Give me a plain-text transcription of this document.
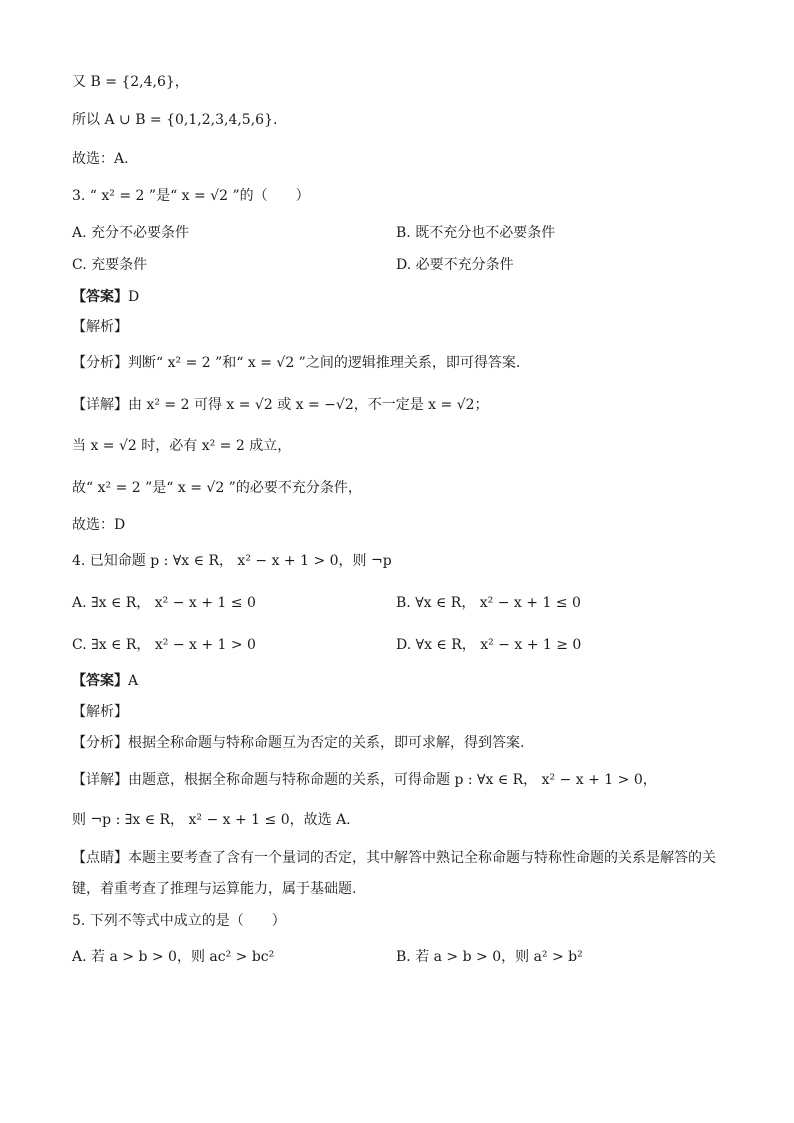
又 B = {2,4,6}，
所以 A ∪ B = {0,1,2,3,4,5,6}.
故选：A.
3. “ x² = 2 ”是“ x = √2 ”的（　　）
A. 充分不必要条件	B. 既不充分也不必要条件
C. 充要条件	D. 必要不充分条件
【答案】D
【解析】
【分析】判断“ x² = 2 ”和“ x = √2 ”之间的逻辑推理关系，即可得答案.
【详解】由 x² = 2 可得 x = √2 或 x = −√2，不一定是 x = √2；
当 x = √2 时，必有 x² = 2 成立，
故“ x² = 2 ”是“ x = √2 ”的必要不充分条件，
故选：D
4. 已知命题 p : ∀x ∈ R， x² − x + 1 > 0，则 ¬p
A. ∃x ∈ R， x² − x + 1 ≤ 0	B. ∀x ∈ R， x² − x + 1 ≤ 0
C. ∃x ∈ R， x² − x + 1 > 0	D. ∀x ∈ R， x² − x + 1 ≥ 0
【答案】A
【解析】
【分析】根据全称命题与特称命题互为否定的关系，即可求解，得到答案.
【详解】由题意，根据全称命题与特称命题的关系，可得命题 p : ∀x ∈ R， x² − x + 1 > 0，
则 ¬p : ∃x ∈ R， x² − x + 1 ≤ 0，故选 A.
【点睛】本题主要考查了含有一个量词的否定，其中解答中熟记全称命题与特称性命题的关系是解答的关
键，着重考查了推理与运算能力，属于基础题.
5. 下列不等式中成立的是（　　）
A. 若 a > b > 0，则 ac² > bc²	B. 若 a > b > 0，则 a² > b²
